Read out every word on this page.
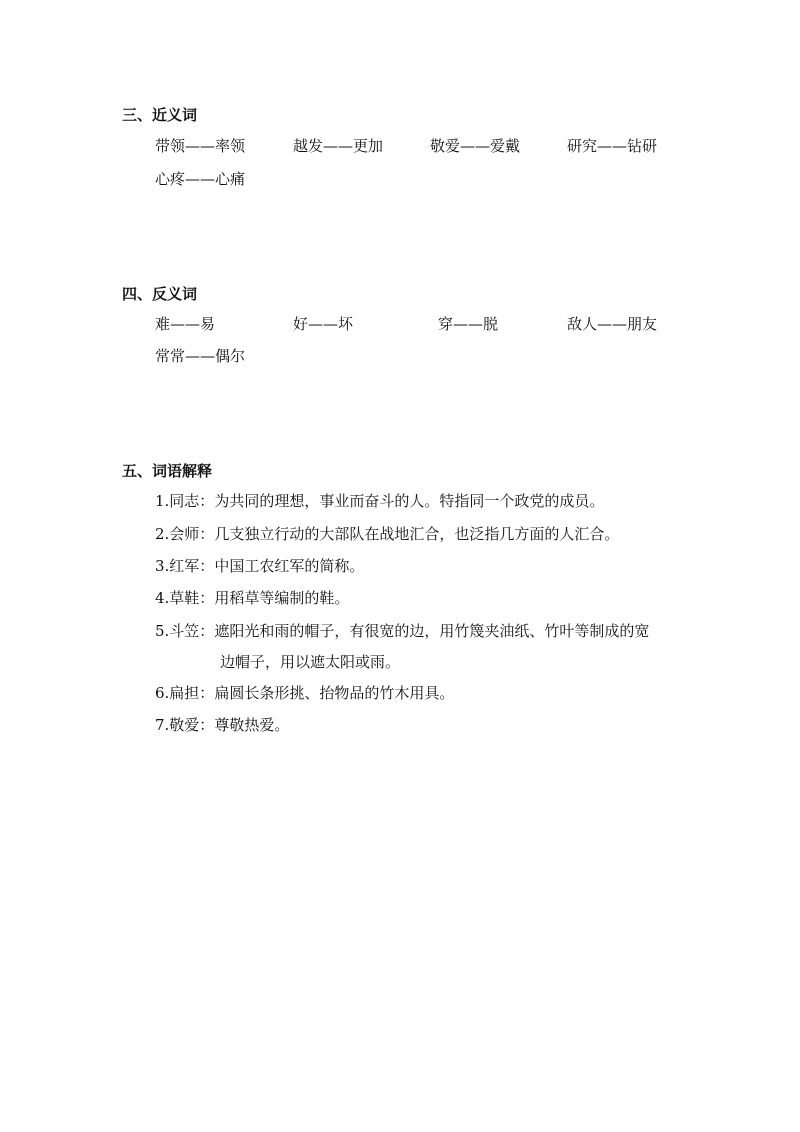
三、近义词
带领——率领	越发——更加	敬爱——爱戴	研究——钻研
心疼——心痛
四、反义词
难——易	好——坏	穿——脱	敌人——朋友
常常——偶尔
五、词语解释
1.同志：为共同的理想，事业而奋斗的人。特指同一个政党的成员。
2.会师：几支独立行动的大部队在战地汇合，也泛指几方面的人汇合。
3.红军：中国工农红军的简称。
4.草鞋：用稻草等编制的鞋。
5.斗笠：遮阳光和雨的帽子，有很宽的边，用竹篾夹油纸、竹叶等制成的宽
边帽子，用以遮太阳或雨。
6.扁担：扁圆长条形挑、抬物品的竹木用具。
7.敬爱：尊敬热爱。
